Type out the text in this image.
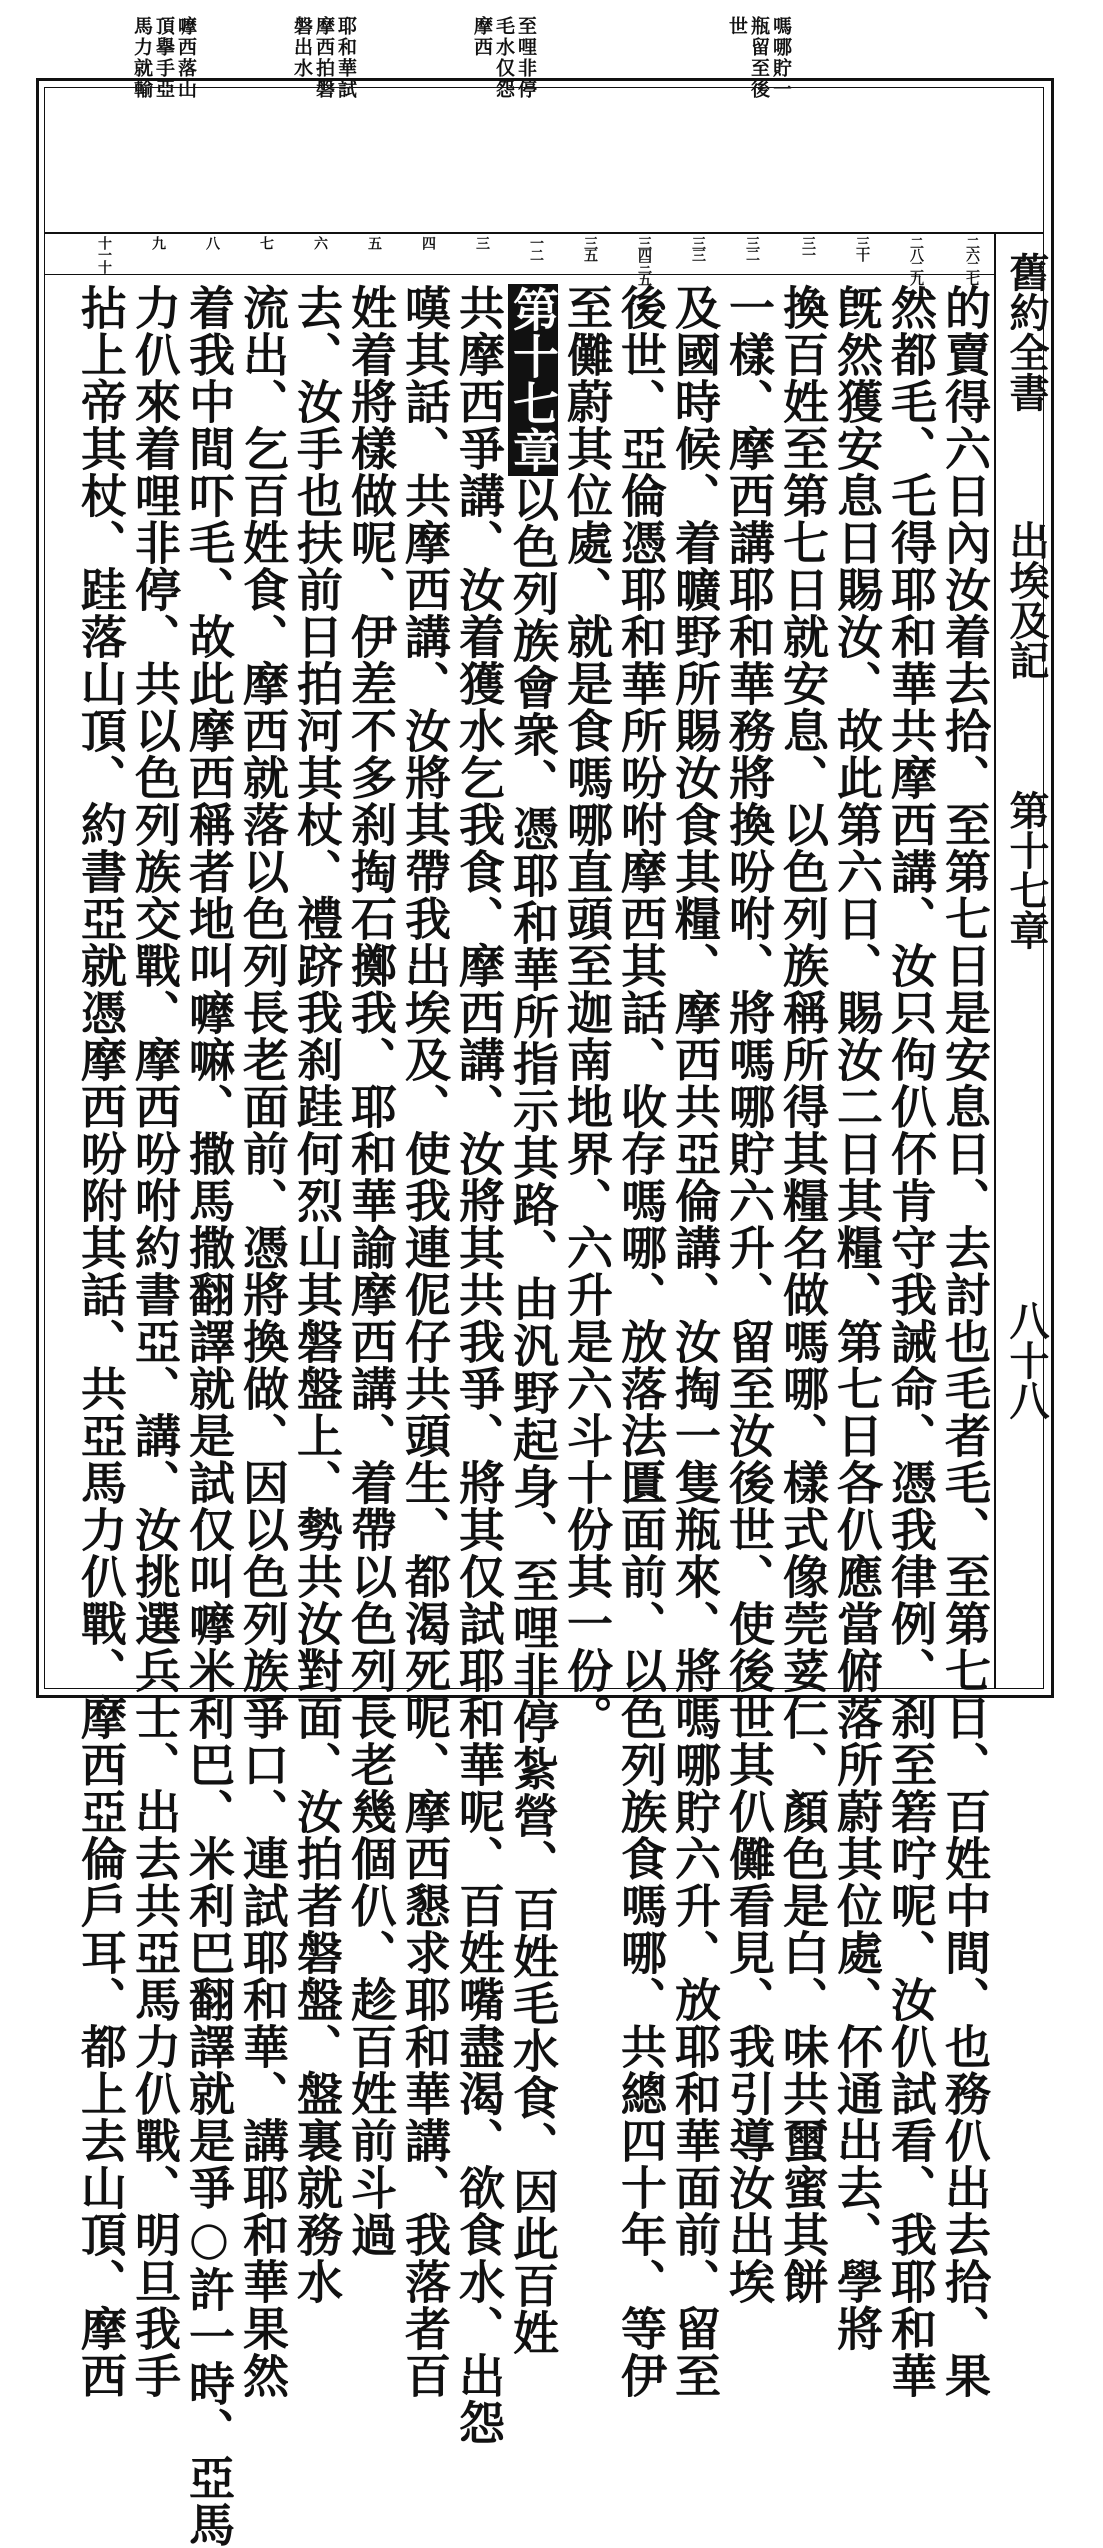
舊約全書
出埃及記
第十七章
八十八
嗎哪貯一
瓶留至後
世
至哩非停
毛水仅怨
摩西
耶和華試
摩西拍磐
磐出水
嚤西落山
頂擧手亞
馬力就輸
二六二七
二八二九
三十
三一
三二
三三
三四三五
三五
一二
三
四
五
六
七
八
九
十一十
的賣得六日內汝着去拾、至第七日是安息日、去討也毛者毛、至第七日、百姓中間、也務仈出去拾、果
然都毛、乇得耶和華共摩西講、汝只佝仈伓肯守我誡命、憑我律例、刹至箬咛呢、汝仈試看、我耶和華
旣然獲安息日賜汝、故此第六日、賜汝二日其糧、第七日各仈應當俯落所蔚其位處、伓通出去、學將
換百姓至第七日就安息、以色列族稱所得其糧名做嗎哪、樣式像莞荽仁、顏色是白、味共蠒蜜其餅
一樣、摩西講耶和華務將換吩咐、將嗎哪貯六升、留至汝後世、使後世其仈儺看見、我引導汝出埃
及國時候、着曠野所賜汝食其糧、摩西共亞倫講、汝掏一隻瓶來、將嗎哪貯六升、放耶和華面前、留至
後世、亞倫憑耶和華所吩咐摩西其話、收存嗎哪、放落法匱面前、以色列族食嗎哪、共總四十年、等伊
至儺蔚其位處、就是食嗎哪直頭至迦南地界、六升是六斗十份其一份。
第十七章以色列族會衆、憑耶和華所指示其路、由汎野起身、至哩非停紮營、百姓毛水食、因此百姓
共摩西爭講、汝着獲水乞我食、摩西講、汝將其共我爭、將其仅試耶和華呢、百姓嘴盡渴、欲食水、出怨
嘆其話、共摩西講、汝將其帶我出埃及、使我連伲仔共頭生、都渴死呢、摩西懇求耶和華講、我落者百
姓着將樣做呢、伊差不多刹掏石擲我、耶和華諭摩西講、着帶以色列長老幾個仈、趁百姓前斗過
去、汝手也扶前日拍河其杖、禮跻我刹跬何烈山其磐盤上、勢共汝對面、汝拍者磐盤、盤裏就務水
流出、乞百姓食、摩西就落以色列長老面前、憑將換做、因以色列族爭口、連試耶和華、講耶和華果然
着我中間吓毛、故此摩西稱者地叫嚤嘛、撒馬撒翻譯就是試仅叫嚤米利巴、米利巴翻譯就是爭○許一時、亞馬
力仈來着哩非停、共以色列族交戰、摩西吩咐約書亞、講、汝挑選兵士、出去共亞馬力仈戰、明旦我手
拈上帝其杖、跬落山頂、約書亞就憑摩西吩附其話、共亞馬力仈戰、摩西亞倫戶耳、都上去山頂、摩西
